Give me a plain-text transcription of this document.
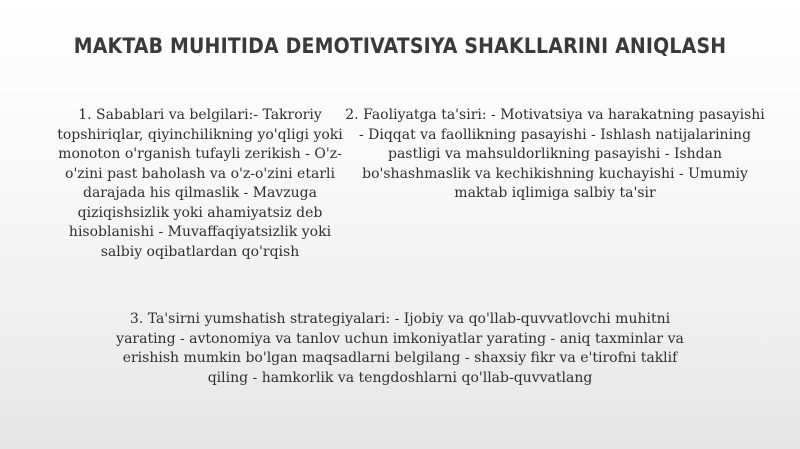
MAKTAB MUHITIDA DEMOTIVATSIYA SHAKLLARINI ANIQLASH
1. Sabablari va belgilari:- Takroriy topshiriqlar, qiyinchilikning yo'qligi yoki monoton o'rganish tufayli zerikish - O'z-o'zini past baholash va o'z-o'zini etarli darajada his qilmaslik - Mavzuga qiziqishsizlik yoki ahamiyatsiz deb hisoblanishi - Muvaffaqiyatsizlik yoki salbiy oqibatlardan qo'rqish
2. Faoliyatga ta'siri: - Motivatsiya va harakatning pasayishi - Diqqat va faollikning pasayishi - Ishlash natijalarining pastligi va mahsuldorlikning pasayishi - Ishdan bo'shashmaslik va kechikishning kuchayishi - Umumiy maktab iqlimiga salbiy ta'sir
3. Ta'sirni yumshatish strategiyalari: - Ijobiy va qo'llab-quvvatlovchi muhitni yarating - avtonomiya va tanlov uchun imkoniyatlar yarating - aniq taxminlar va erishish mumkin bo'lgan maqsadlarni belgilang - shaxsiy fikr va e'tirofni taklif qiling - hamkorlik va tengdoshlarni qo'llab-quvvatlang
